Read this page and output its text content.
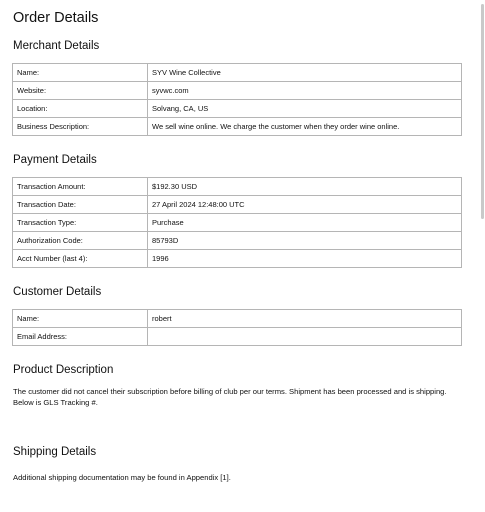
Order Details
Merchant Details
Name:	SYV Wine Collective
Website:	syvwc.com
Location:	Solvang, CA, US
Business Description:	We sell wine online. We charge the customer when they order wine online.
Payment Details
Transaction Amount:	$192.30 USD
Transaction Date:	27 April 2024 12:48:00 UTC
Transaction Type:	Purchase
Authorization Code:	85793D
Acct Number (last 4):	1996
Customer Details
Name:	robert
Email Address:	
Product Description

The customer did not cancel their subscription before billing of club per our terms. Shipment has been processed and is shipping. Below is GLS Tracking #.

Shipping Details

Additional shipping documentation may be found in Appendix [1].
